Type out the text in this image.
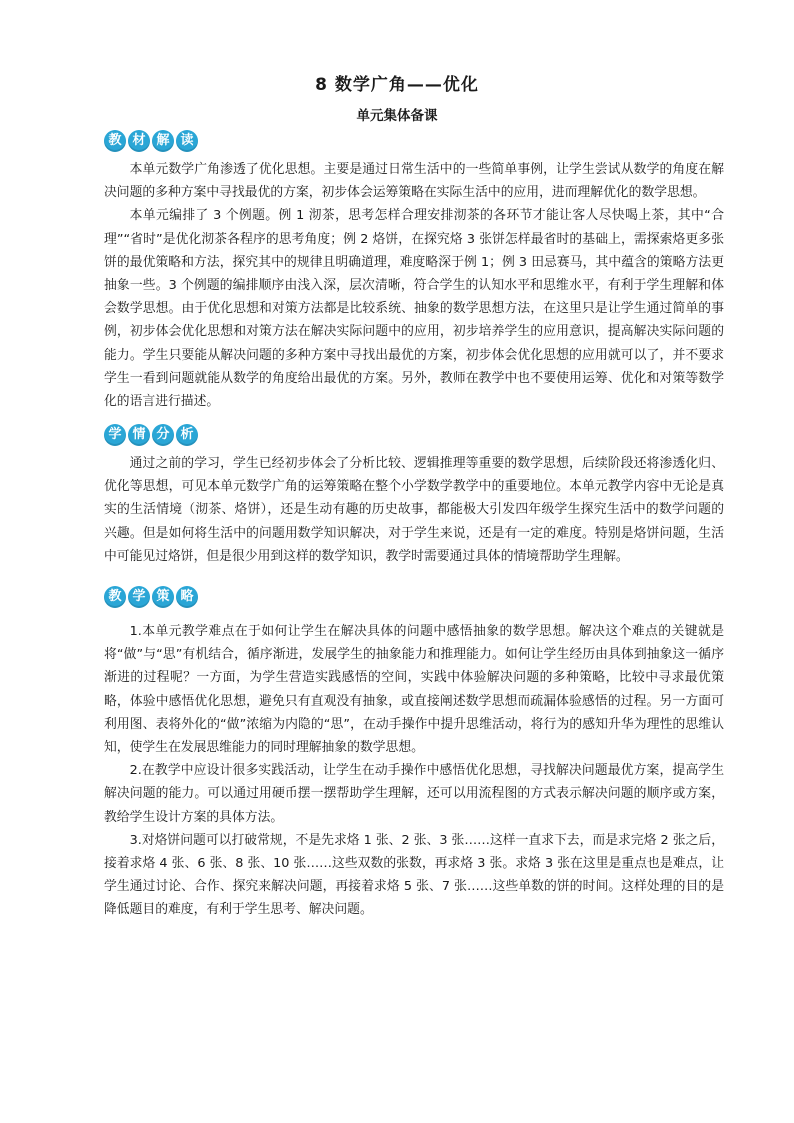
8 数学广角——优化
单元集体备课
教 材 解 读

本单元数学广角渗透了优化思想。主要是通过日常生活中的一些简单事例，让学生尝试从数学的角度在解决问题的多种方案中寻找最优的方案，初步体会运筹策略在实际生活中的应用，进而理解优化的数学思想。

本单元编排了 3 个例题。例 1 沏茶，思考怎样合理安排沏茶的各环节才能让客人尽快喝上茶，其中“合理”“省时”是优化沏茶各程序的思考角度；例 2 烙饼，在探究烙 3 张饼怎样最省时的基础上，需探索烙更多张饼的最优策略和方法，探究其中的规律且明确道理，难度略深于例 1；例 3 田忌赛马，其中蕴含的策略方法更抽象一些。3 个例题的编排顺序由浅入深，层次清晰，符合学生的认知水平和思维水平，有利于学生理解和体会数学思想。由于优化思想和对策方法都是比较系统、抽象的数学思想方法，在这里只是让学生通过简单的事例，初步体会优化思想和对策方法在解决实际问题中的应用，初步培养学生的应用意识，提高解决实际问题的能力。学生只要能从解决问题的多种方案中寻找出最优的方案，初步体会优化思想的应用就可以了，并不要求学生一看到问题就能从数学的角度给出最优的方案。另外，教师在教学中也不要使用运筹、优化和对策等数学化的语言进行描述。

学 情 分 析

通过之前的学习，学生已经初步体会了分析比较、逻辑推理等重要的数学思想，后续阶段还将渗透化归、优化等思想，可见本单元数学广角的运筹策略在整个小学数学教学中的重要地位。本单元教学内容中无论是真实的生活情境（沏茶、烙饼），还是生动有趣的历史故事，都能极大引发四年级学生探究生活中的数学问题的兴趣。但是如何将生活中的问题用数学知识解决，对于学生来说，还是有一定的难度。特别是烙饼问题，生活中可能见过烙饼，但是很少用到这样的数学知识，教学时需要通过具体的情境帮助学生理解。

教 学 策 略

1.本单元教学难点在于如何让学生在解决具体的问题中感悟抽象的数学思想。解决这个难点的关键就是将“做”与“思”有机结合，循序渐进，发展学生的抽象能力和推理能力。如何让学生经历由具体到抽象这一循序渐进的过程呢？一方面，为学生营造实践感悟的空间，实践中体验解决问题的多种策略，比较中寻求最优策略，体验中感悟优化思想，避免只有直观没有抽象，或直接阐述数学思想而疏漏体验感悟的过程。另一方面可利用图、表将外化的“做”浓缩为内隐的“思”，在动手操作中提升思维活动，将行为的感知升华为理性的思维认知，使学生在发展思维能力的同时理解抽象的数学思想。

2.在教学中应设计很多实践活动，让学生在动手操作中感悟优化思想，寻找解决问题最优方案，提高学生解决问题的能力。可以通过用硬币摆一摆帮助学生理解，还可以用流程图的方式表示解决问题的顺序或方案，教给学生设计方案的具体方法。

3.对烙饼问题可以打破常规，不是先求烙 1 张、2 张、3 张……这样一直求下去，而是求完烙 2 张之后，接着求烙 4 张、6 张、8 张、10 张……这些双数的张数，再求烙 3 张。求烙 3 张在这里是重点也是难点，让学生通过讨论、合作、探究来解决问题，再接着求烙 5 张、7 张……这些单数的饼的时间。这样处理的目的是降低题目的难度，有利于学生思考、解决问题。
